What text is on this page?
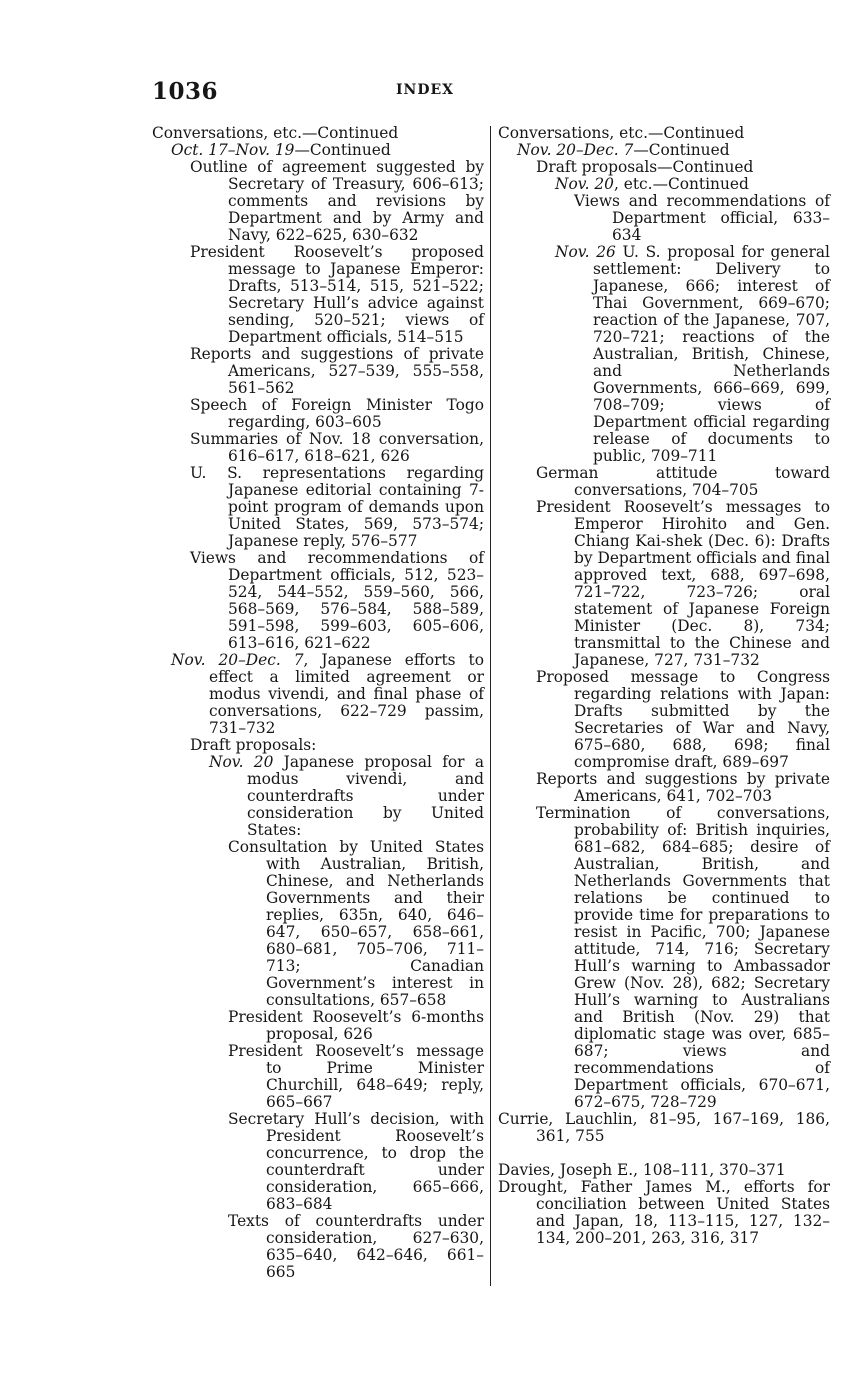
1036	INDEX

Conversations, etc.—Continued

Oct. 17–Nov. 19—Continued

Outline of agreement suggested by Secretary of Treasury, 606–613; comments and revisions by Department and by Army and Navy, 622–625, 630–632

President Roosevelt’s proposed message to Japanese Emperor: Drafts, 513–514, 515, 521–522; Secretary Hull’s advice against sending, 520–521; views of Department officials, 514–515

Reports and suggestions of private Americans, 527–539, 555–558, 561–562

Speech of Foreign Minister Togo regarding, 603–605

Summaries of Nov. 18 conversation, 616–617, 618–621, 626

U. S. representations regarding Japanese editorial containing 7-point program of demands upon United States, 569, 573–574; Japanese reply, 576–577

Views and recommendations of Department officials, 512, 523–524, 544–552, 559–560, 566, 568–569, 576–584, 588–589, 591–598, 599–603, 605–606, 613–616, 621–622

Nov. 20–Dec. 7, Japanese efforts to effect a limited agreement or modus vivendi, and final phase of conversations, 622–729 passim, 731–732

Draft proposals:

Nov. 20 Japanese proposal for a modus vivendi, and counterdrafts under consideration by United States:

Consultation by United States with Australian, British, Chinese, and Netherlands Governments and their replies, 635n, 640, 646–647, 650–657, 658–661, 680–681, 705–706, 711–713; Canadian Government’s interest in consultations, 657–658

President Roosevelt’s 6-months proposal, 626

President Roosevelt’s message to Prime Minister Churchill, 648–649; reply, 665–667

Secretary Hull’s decision, with President Roosevelt’s concurrence, to drop the counterdraft under consideration, 665–666, 683–684

Texts of counterdrafts under consideration, 627–630, 635–640, 642–646, 661–665

Conversations, etc.—Continued

Nov. 20–Dec. 7—Continued

Draft proposals—Continued

Nov. 20, etc.—Continued

Views and recommendations of Department official, 633–634

Nov. 26 U. S. proposal for general settlement: Delivery to Japanese, 666; interest of Thai Government, 669–670; reaction of the Japanese, 707, 720–721; reactions of the Australian, British, Chinese, and Netherlands Governments, 666–669, 699, 708–709; views of Department official regarding release of documents to public, 709–711

German attitude toward conversations, 704–705

President Roosevelt’s messages to Emperor Hirohito and Gen. Chiang Kai-shek (Dec. 6): Drafts by Department officials and final approved text, 688, 697–698, 721–722, 723–726; oral statement of Japanese Foreign Minister (Dec. 8), 734; transmittal to the Chinese and Japanese, 727, 731–732

Proposed message to Congress regarding relations with Japan: Drafts submitted by the Secretaries of War and Navy, 675–680, 688, 698; final compromise draft, 689–697

Reports and suggestions by private Americans, 641, 702–703

Termination of conversations, probability of: British inquiries, 681–682, 684–685; desire of Australian, British, and Netherlands Governments that relations be continued to provide time for preparations to resist in Pacific, 700; Japanese attitude, 714, 716; Secretary Hull’s warning to Ambassador Grew (Nov. 28), 682; Secretary Hull’s warning to Australians and British (Nov. 29) that diplomatic stage was over, 685–687; views and recommendations of Department officials, 670–671, 672–675, 728–729

Currie, Lauchlin, 81–95, 167–169, 186, 361, 755

Davies, Joseph E., 108–111, 370–371

Drought, Father James M., efforts for conciliation between United States and Japan, 18, 113–115, 127, 132–134, 200–201, 263, 316, 317
